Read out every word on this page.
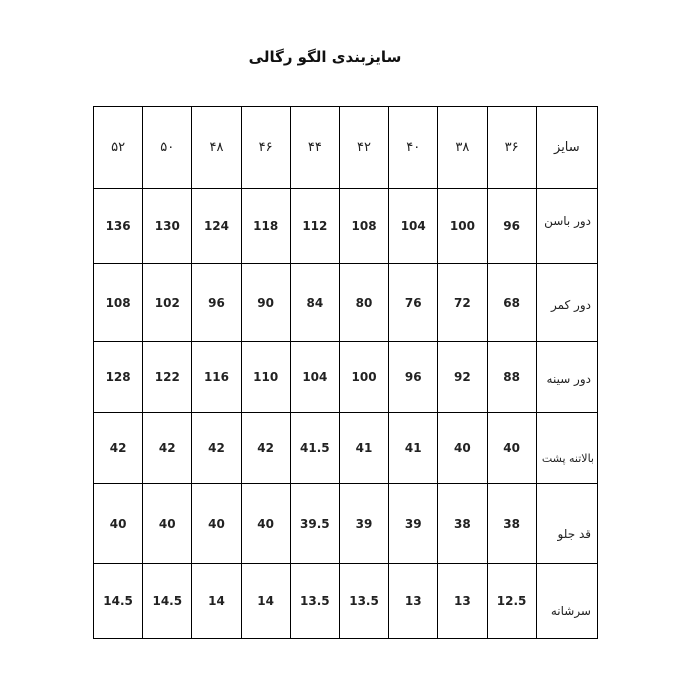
سایزبندی الگو رگالی
۵۲	۵۰	۴۸	۴۶	۴۴	۴۲	۴۰	۳۸	۳۶	سایز
136	130	124	118	112	108	104	100	96	دور باسن
108	102	96	90	84	80	76	72	68	دور کمر
128	122	116	110	104	100	96	92	88	دور سینه
42	42	42	42	41.5	41	41	40	40	بالاتنه پشت
40	40	40	40	39.5	39	39	38	38	قد جلو
14.5	14.5	14	14	13.5	13.5	13	13	12.5	سرشانه
